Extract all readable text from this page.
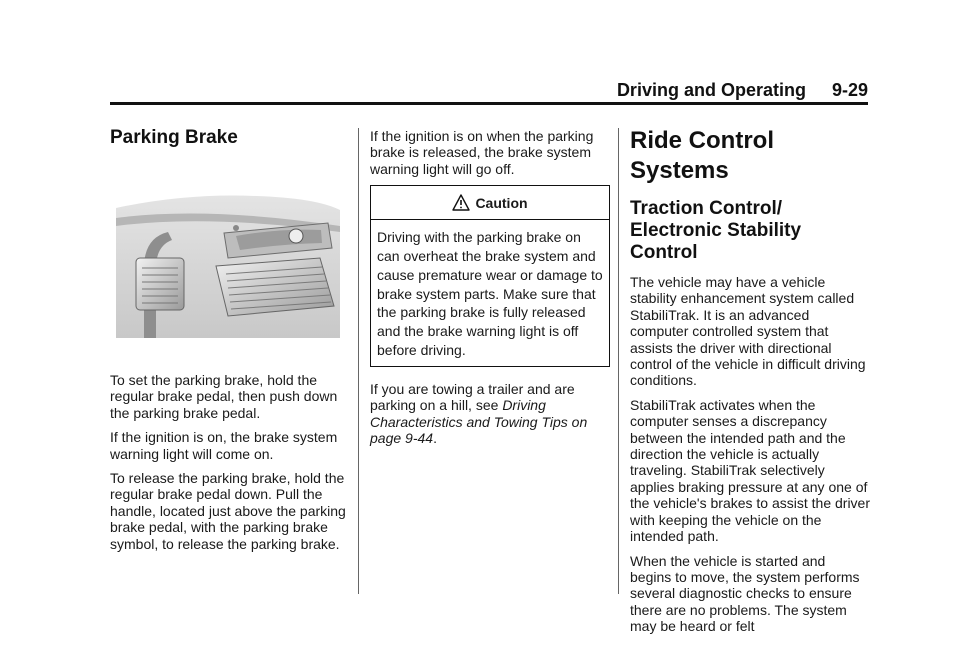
Driving and Operating 9-29
Parking Brake

To set the parking brake, hold the regular brake pedal, then push down the parking brake pedal.

If the ignition is on, the brake system warning light will come on.

To release the parking brake, hold the regular brake pedal down. Pull the handle, located just above the parking brake pedal, with the parking brake symbol, to release the parking brake.

If the ignition is on when the parking brake is released, the brake system warning light will go off.

Caution
Driving with the parking brake on can overheat the brake system and cause premature wear or damage to brake system parts. Make sure that the parking brake is fully released and the brake warning light is off before driving.

If you are towing a trailer and are parking on a hill, see Driving Characteristics and Towing Tips on page 9-44.

Ride Control Systems
Traction Control/ Electronic Stability Control

The vehicle may have a vehicle stability enhancement system called StabiliTrak. It is an advanced computer controlled system that assists the driver with directional control of the vehicle in difficult driving conditions.

StabiliTrak activates when the computer senses a discrepancy between the intended path and the direction the vehicle is actually traveling. StabiliTrak selectively applies braking pressure at any one of the vehicle's brakes to assist the driver with keeping the vehicle on the intended path.

When the vehicle is started and begins to move, the system performs several diagnostic checks to ensure there are no problems. The system may be heard or felt
